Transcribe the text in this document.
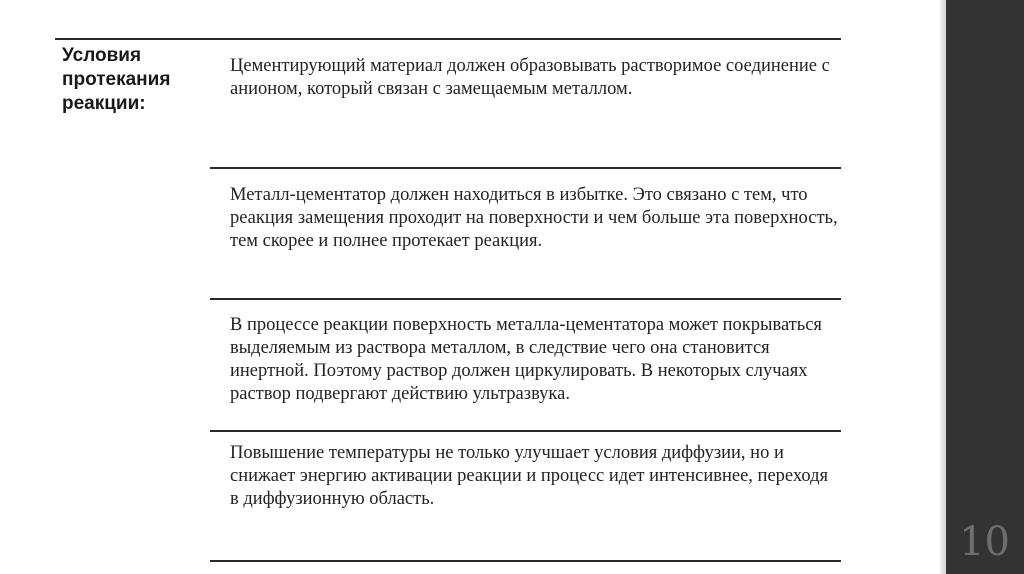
10
Условия протекания реакции:
Цементирующий материал должен образовывать растворимое соединение с анионом, который связан с замещаемым металлом.
Металл-цементатор должен находиться в избытке. Это связано с тем, что реакция замещения проходит на поверхности и чем больше эта поверхность, тем скорее и полнее протекает реакция.
В процессе реакции поверхность металла-цементатора может покрываться выделяемым из раствора металлом, в следствие чего она становится инертной. Поэтому раствор должен циркулировать. В некоторых случаях раствор подвергают действию ультразвука.
Повышение температуры не только улучшает условия диффузии, но и снижает энергию активации реакции и процесс идет интенсивнее, переходя в диффузионную область.
